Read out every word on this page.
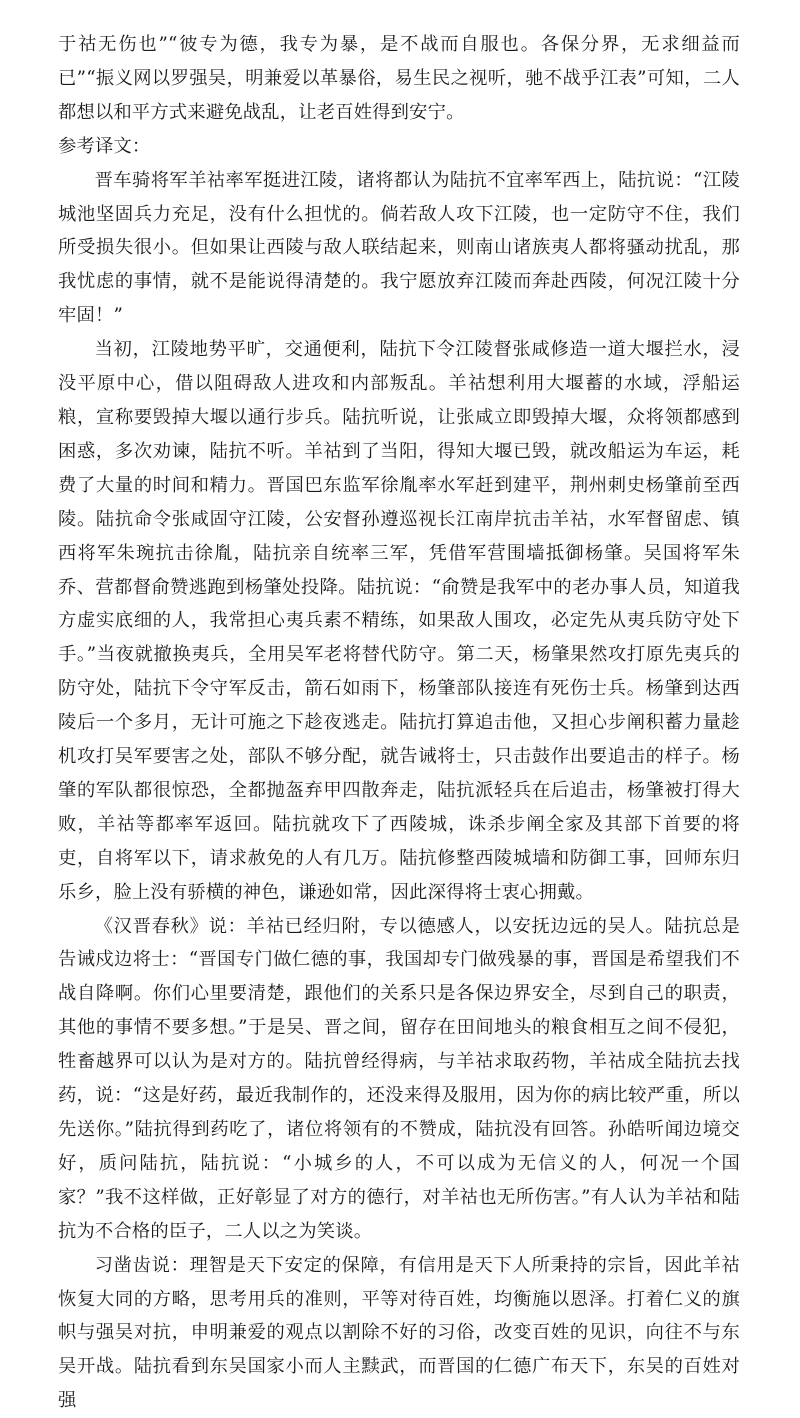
于祜无伤也”“彼专为德，我专为暴，是不战而自服也。各保分界，无求细益而已”“振义网以罗强吴，明兼爱以革暴俗，易生民之视听，驰不战乎江表”可知，二人都想以和平方式来避免战乱，让老百姓得到安宁。

参考译文：

晋车骑将军羊祜率军挺进江陵，诸将都认为陆抗不宜率军西上，陆抗说：“江陵城池坚固兵力充足，没有什么担忧的。倘若敌人攻下江陵，也一定防守不住，我们所受损失很小。但如果让西陵与敌人联结起来，则南山诸族夷人都将骚动扰乱，那我忧虑的事情，就不是能说得清楚的。我宁愿放弃江陵而奔赴西陵，何况江陵十分牢固！”

当初，江陵地势平旷，交通便利，陆抗下令江陵督张咸修造一道大堰拦水，浸没平原中心，借以阻碍敌人进攻和内部叛乱。羊祜想利用大堰蓄的水域，浮船运粮，宣称要毁掉大堰以通行步兵。陆抗听说，让张咸立即毁掉大堰，众将领都感到困惑，多次劝谏，陆抗不听。羊祜到了当阳，得知大堰已毁，就改船运为车运，耗费了大量的时间和精力。晋国巴东监军徐胤率水军赶到建平，荆州刺史杨肇前至西陵。陆抗命令张咸固守江陵，公安督孙遵巡视长江南岸抗击羊祜，水军督留虑、镇西将军朱琬抗击徐胤，陆抗亲自统率三军，凭借军营围墙抵御杨肇。吴国将军朱乔、营都督俞赞逃跑到杨肇处投降。陆抗说：“俞赞是我军中的老办事人员，知道我方虚实底细的人，我常担心夷兵素不精练，如果敌人围攻，必定先从夷兵防守处下手。”当夜就撤换夷兵，全用吴军老将替代防守。第二天，杨肇果然攻打原先夷兵的防守处，陆抗下令守军反击，箭石如雨下，杨肇部队接连有死伤士兵。杨肇到达西陵后一个多月，无计可施之下趁夜逃走。陆抗打算追击他，又担心步阐积蓄力量趁机攻打吴军要害之处，部队不够分配，就告诫将士，只击鼓作出要追击的样子。杨肇的军队都很惊恐，全都抛盔弃甲四散奔走，陆抗派轻兵在后追击，杨肇被打得大败，羊祜等都率军返回。陆抗就攻下了西陵城，诛杀步阐全家及其部下首要的将吏，自将军以下，请求赦免的人有几万。陆抗修整西陵城墙和防御工事，回师东归乐乡，脸上没有骄横的神色，谦逊如常，因此深得将士衷心拥戴。

《汉晋春秋》说：羊祜已经归附，专以德感人，以安抚边远的吴人。陆抗总是告诫戍边将士：“晋国专门做仁德的事，我国却专门做残暴的事，晋国是希望我们不战自降啊。你们心里要清楚，跟他们的关系只是各保边界安全，尽到自己的职责，其他的事情不要多想。”于是吴、晋之间，留存在田间地头的粮食相互之间不侵犯，牲畜越界可以认为是对方的。陆抗曾经得病，与羊祜求取药物，羊祜成全陆抗去找药，说：“这是好药，最近我制作的，还没来得及服用，因为你的病比较严重，所以先送你。”陆抗得到药吃了，诸位将领有的不赞成，陆抗没有回答。孙皓听闻边境交好，质问陆抗，陆抗说：“小城乡的人，不可以成为无信义的人，何况一个国家？”我不这样做，正好彰显了对方的德行，对羊祜也无所伤害。”有人认为羊祜和陆抗为不合格的臣子，二人以之为笑谈。

习凿齿说：理智是天下安定的保障，有信用是天下人所秉持的宗旨，因此羊祜恢复大同的方略，思考用兵的准则，平等对待百姓，均衡施以恩泽。打着仁义的旗帜与强吴对抗，申明兼爱的观点以割除不好的习俗，改变百姓的见识，向往不与东吴开战。陆抗看到东吴国家小而人主黩武，而晋国的仁德广布天下，东吴的百姓对强
